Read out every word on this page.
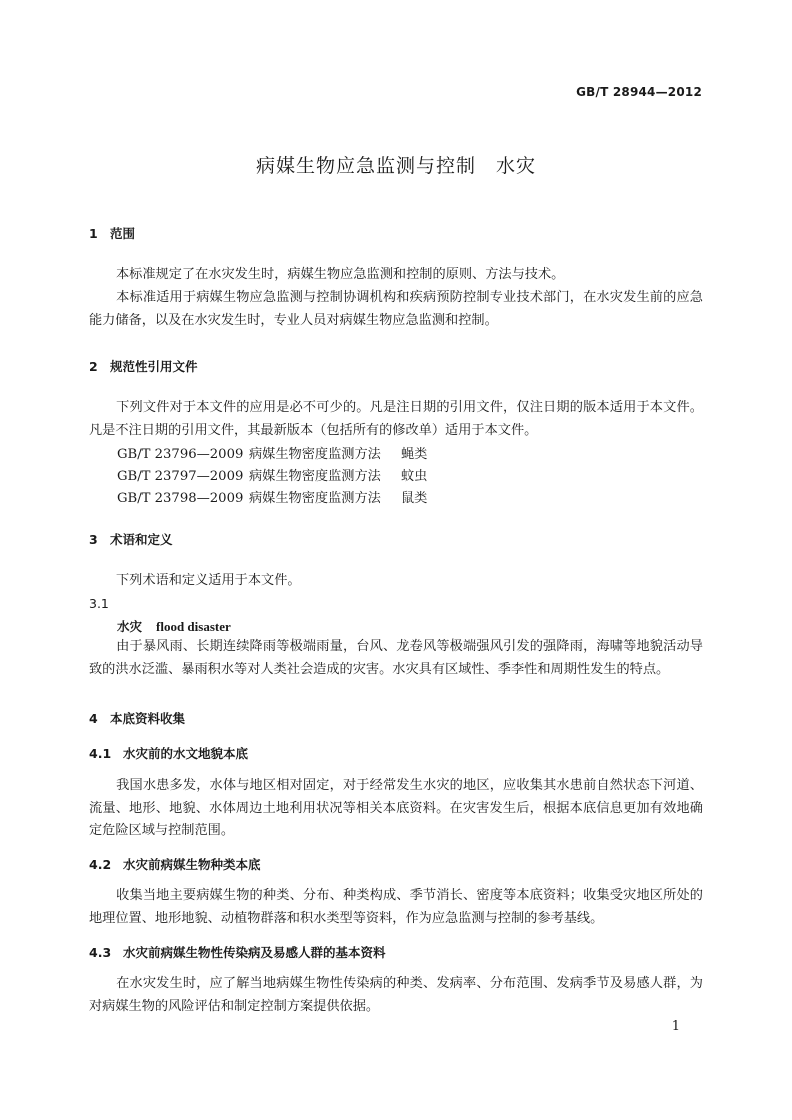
GB/T 28944—2012
病媒生物应急监测与控制　水灾
1 范围
本标准规定了在水灾发生时，病媒生物应急监测和控制的原则、方法与技术。
本标准适用于病媒生物应急监测与控制协调机构和疾病预防控制专业技术部门，在水灾发生前的应急能力储备，以及在水灾发生时，专业人员对病媒生物应急监测和控制。
2 规范性引用文件
下列文件对于本文件的应用是必不可少的。凡是注日期的引用文件，仅注日期的版本适用于本文件。凡是不注日期的引用文件，其最新版本（包括所有的修改单）适用于本文件。
GB/T 23796—2009 病媒生物密度监测方法 蝇类
GB/T 23797—2009 病媒生物密度监测方法 蚊虫
GB/T 23798—2009 病媒生物密度监测方法 鼠类
3 术语和定义
下列术语和定义适用于本文件。
3.1
水灾 flood disaster
由于暴风雨、长期连续降雨等极端雨量，台风、龙卷风等极端强风引发的强降雨，海啸等地貌活动导致的洪水泛滥、暴雨积水等对人类社会造成的灾害。水灾具有区域性、季李性和周期性发生的特点。
4 本底资料收集
4.1 水灾前的水文地貌本底
我国水患多发，水体与地区相对固定，对于经常发生水灾的地区，应收集其水患前自然状态下河道、流量、地形、地貌、水体周边土地利用状况等相关本底资料。在灾害发生后，根据本底信息更加有效地确定危险区域与控制范围。
4.2 水灾前病媒生物种类本底
收集当地主要病媒生物的种类、分布、种类构成、季节消长、密度等本底资料；收集受灾地区所处的地理位置、地形地貌、动植物群落和积水类型等资料，作为应急监测与控制的参考基线。
4.3 水灾前病媒生物性传染病及易感人群的基本资料
在水灾发生时，应了解当地病媒生物性传染病的种类、发病率、分布范围、发病季节及易感人群，为对病媒生物的风险评估和制定控制方案提供依据。
1
